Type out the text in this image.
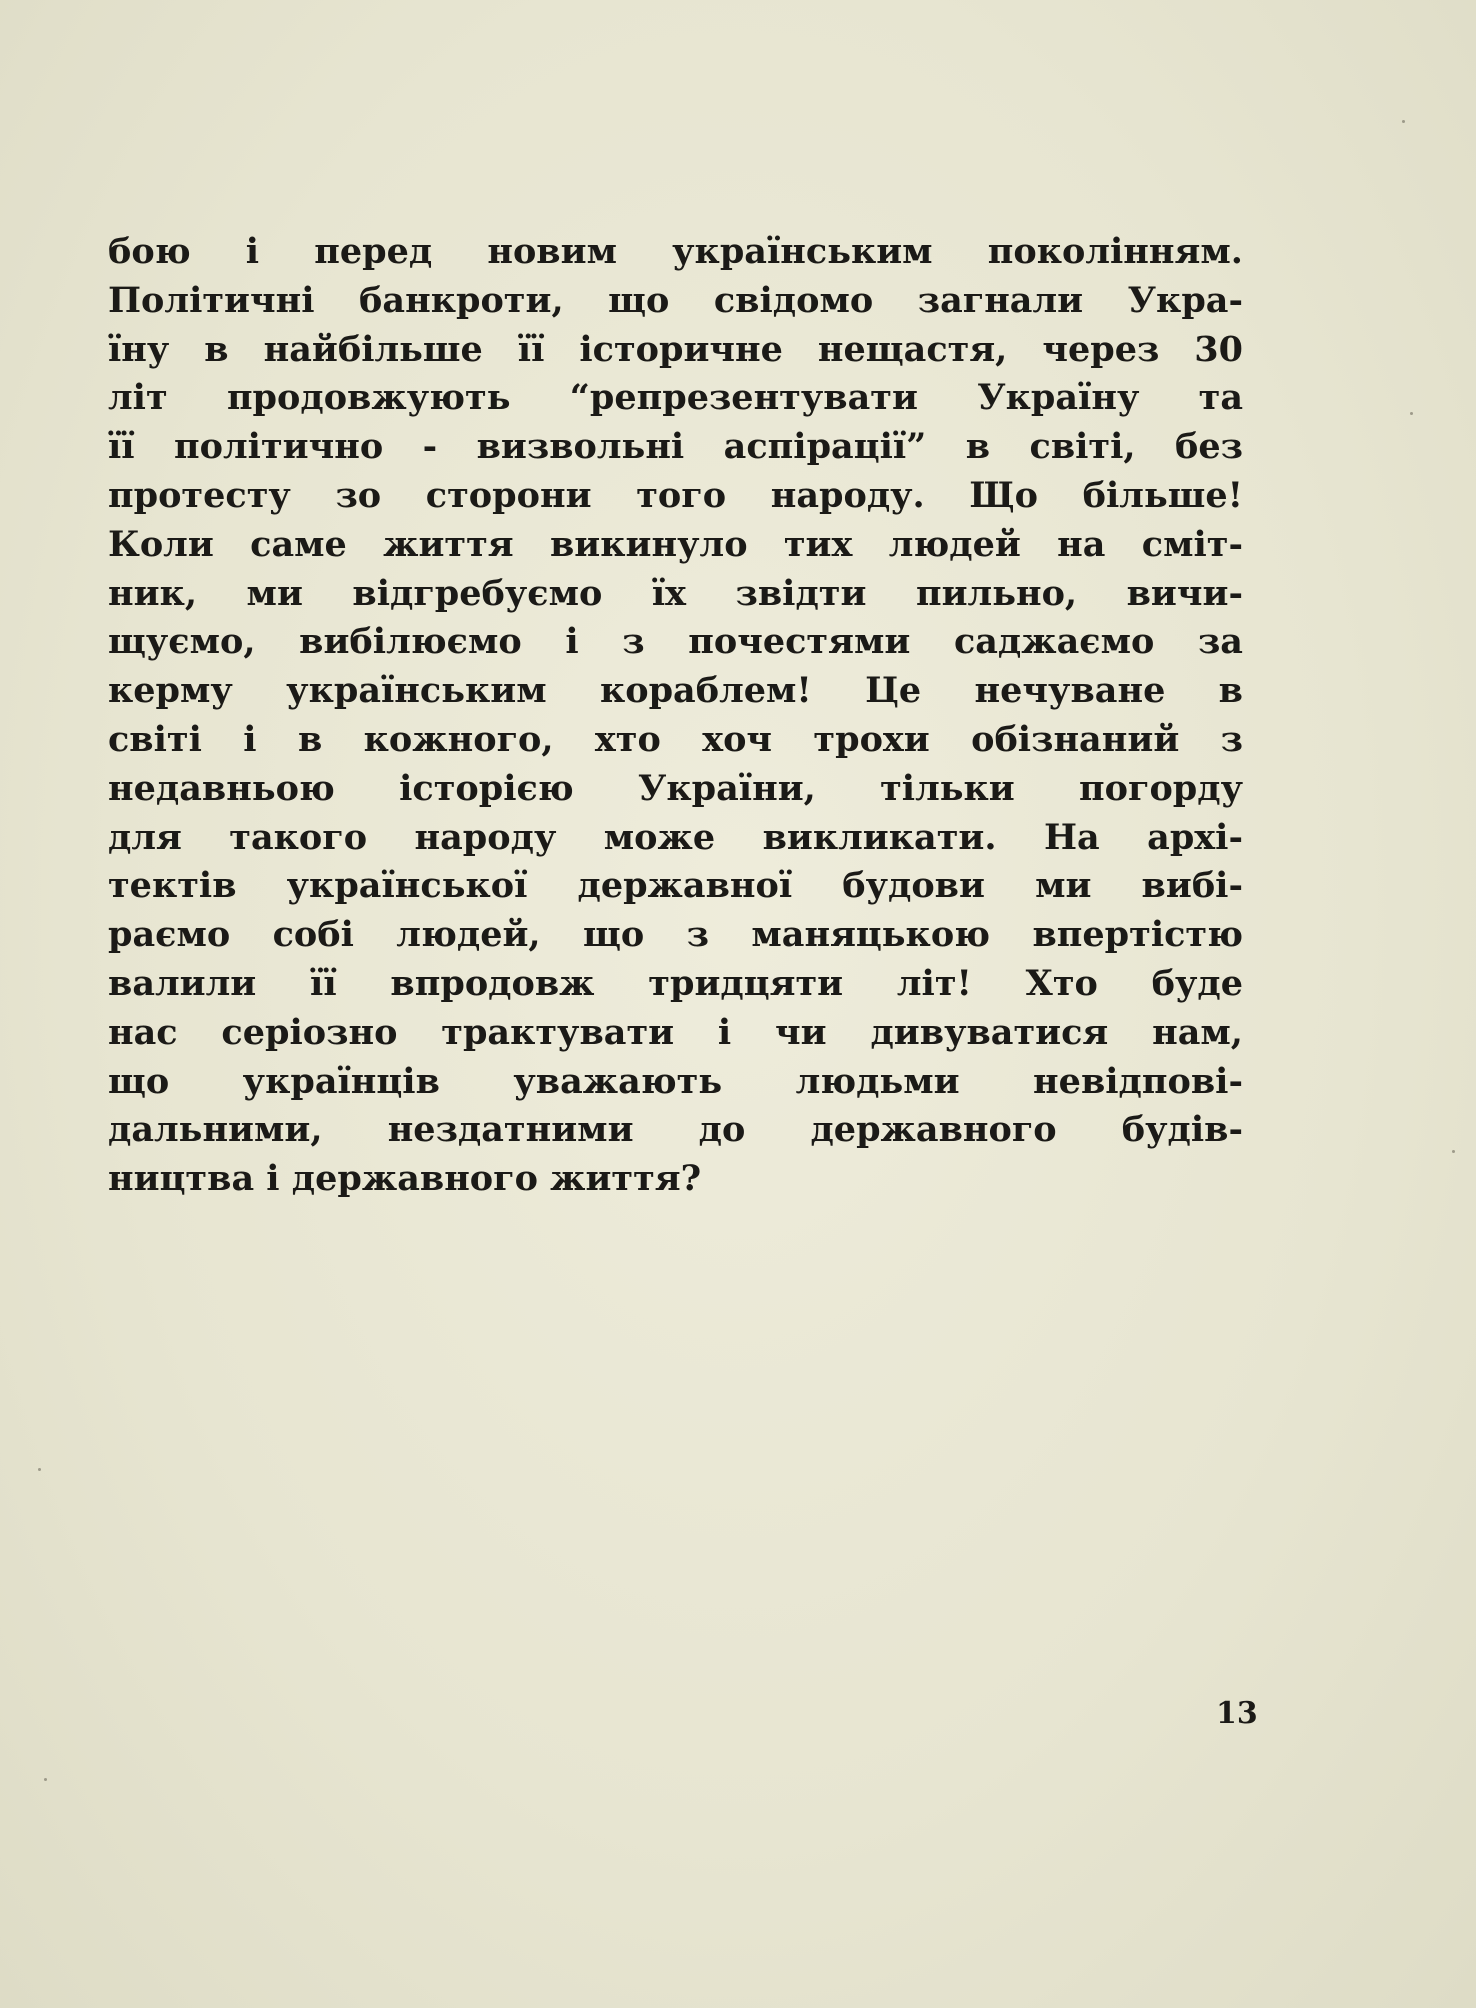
бою і перед новим українським поколінням.
Політичні банкроти, що свідомо загнали Укра-
їну в найбільше її історичне нещастя, через 30
літ продовжують “репрезентувати Україну та
її політично - визвольні аспірації” в світі, без
протесту зо сторони того народу. Що більше!
Коли саме життя викинуло тих людей на сміт-
ник, ми відгребуємо їх звідти пильно, вичи-
щуємо, вибілюємо і з почестями саджаємо за
керму українським кораблем! Це нечуване в
світі і в кожного, хто хоч трохи обізнаний з
недавньою історією України, тільки погорду
для такого народу може викликати. На архі-
тектів української державної будови ми вибі-
раємо собі людей, що з маняцькою впертістю
валили її впродовж тридцяти літ! Хто буде
нас серіозно трактувати і чи дивуватися нам,
що українців уважають людьми невідпові-
дальними, нездатними до державного будів-
ництва і державного життя?
13
